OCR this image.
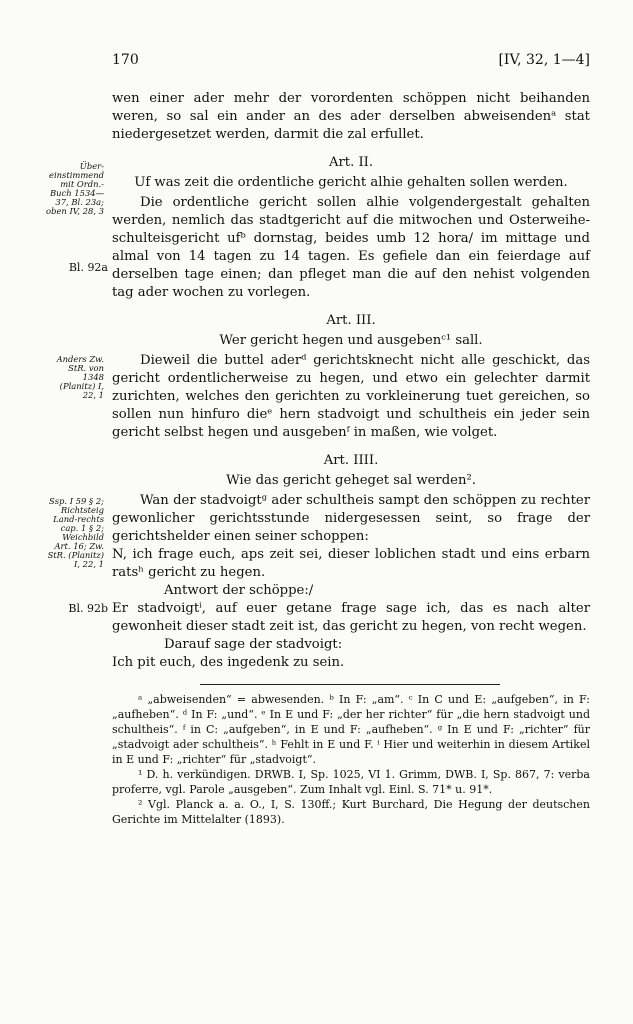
170	[IV, 32, 1—4]
Über-einstimmend mit Ordn.-Buch 1534—37, Bl. 23a; oben IV, 28, 3
Bl. 92a
Anders Zw. StR. von 1348 (Planitz) I, 22, 1
Ssp. I 59 § 2; Richtsteig Land-rechts cap. 1 § 2; Weichbild Art. 16; Zw. StR. (Planitz) I, 22, 1
Bl. 92b

wen einer ader mehr der vorordenten schöppen nicht beihanden weren, so sal ein ander an des ader derselben abweisendenᵃ stat niedergesetzet werden, darmit die zal erfullet.

Art. II.
Uf was zeit die ordentliche gericht alhie gehalten sollen werden.

Die ordentliche gericht sollen alhie volgendergestalt gehalten werden, nemlich das stadtgericht auf die mitwochen und Osterweihe-schulteisgericht ufᵇ dornstag, beides umb 12 hora/ im mittage und almal von 14 tagen zu 14 tagen. Es gefiele dan ein feierdage auf derselben tage einen; dan pfleget man die auf den nehist volgenden tag ader wochen zu vorlegen.

Art. III.
Wer gericht hegen und ausgebenᶜ¹ sall.

Dieweil die buttel aderᵈ gerichtsknecht nicht alle geschickt, das gericht ordentlicherweise zu hegen, und etwo ein gelechter darmit zurichten, welches den gerichten zu vorkleinerung tuet gereichen, so sollen nun hinfuro dieᵉ hern stadvoigt und schultheis ein jeder sein gericht selbst hegen und ausgebenᶠ in maßen, wie volget.

Art. IIII.
Wie das gericht geheget sal werden².

Wan der stadvoigtᵍ ader schultheis sampt den schöppen zu rechter gewonlicher gerichtsstunde nidergesessen seint, so frage der gerichtshelder einen seiner schoppen:

N, ich frage euch, aps zeit sei, dieser loblichen stadt und eins erbarn ratsʰ gericht zu hegen.

Antwort der schöppe:/

Er stadvoigtⁱ, auf euer getane frage sage ich, das es nach alter gewonheit dieser stadt zeit ist, das gericht zu hegen, von recht wegen.

Darauf sage der stadvoigt:

Ich pit euch, des ingedenk zu sein.

ᵃ „abweisenden“ = abwesenden. ᵇ In F: „am“. ᶜ In C und E: „aufgeben“, in F: „aufheben“. ᵈ In F: „und“. ᵉ In E und F: „der her richter“ für „die hern stadvoigt und schultheis“. ᶠ in C: „aufgeben“, in E und F: „aufheben“. ᵍ In E und F: „richter“ für „stadvoigt ader schultheis“. ʰ Fehlt in E und F. ⁱ Hier und weiterhin in diesem Artikel in E und F: „richter“ für „stadvoigt“.

¹ D. h. verkündigen. DRWB. I, Sp. 1025, VI 1. Grimm, DWB. I, Sp. 867, 7: verba proferre, vgl. Parole „ausgeben“. Zum Inhalt vgl. Einl. S. 71* u. 91*.

² Vgl. Planck a. a. O., I, S. 130ff.; Kurt Burchard, Die Hegung der deutschen Gerichte im Mittelalter (1893).
